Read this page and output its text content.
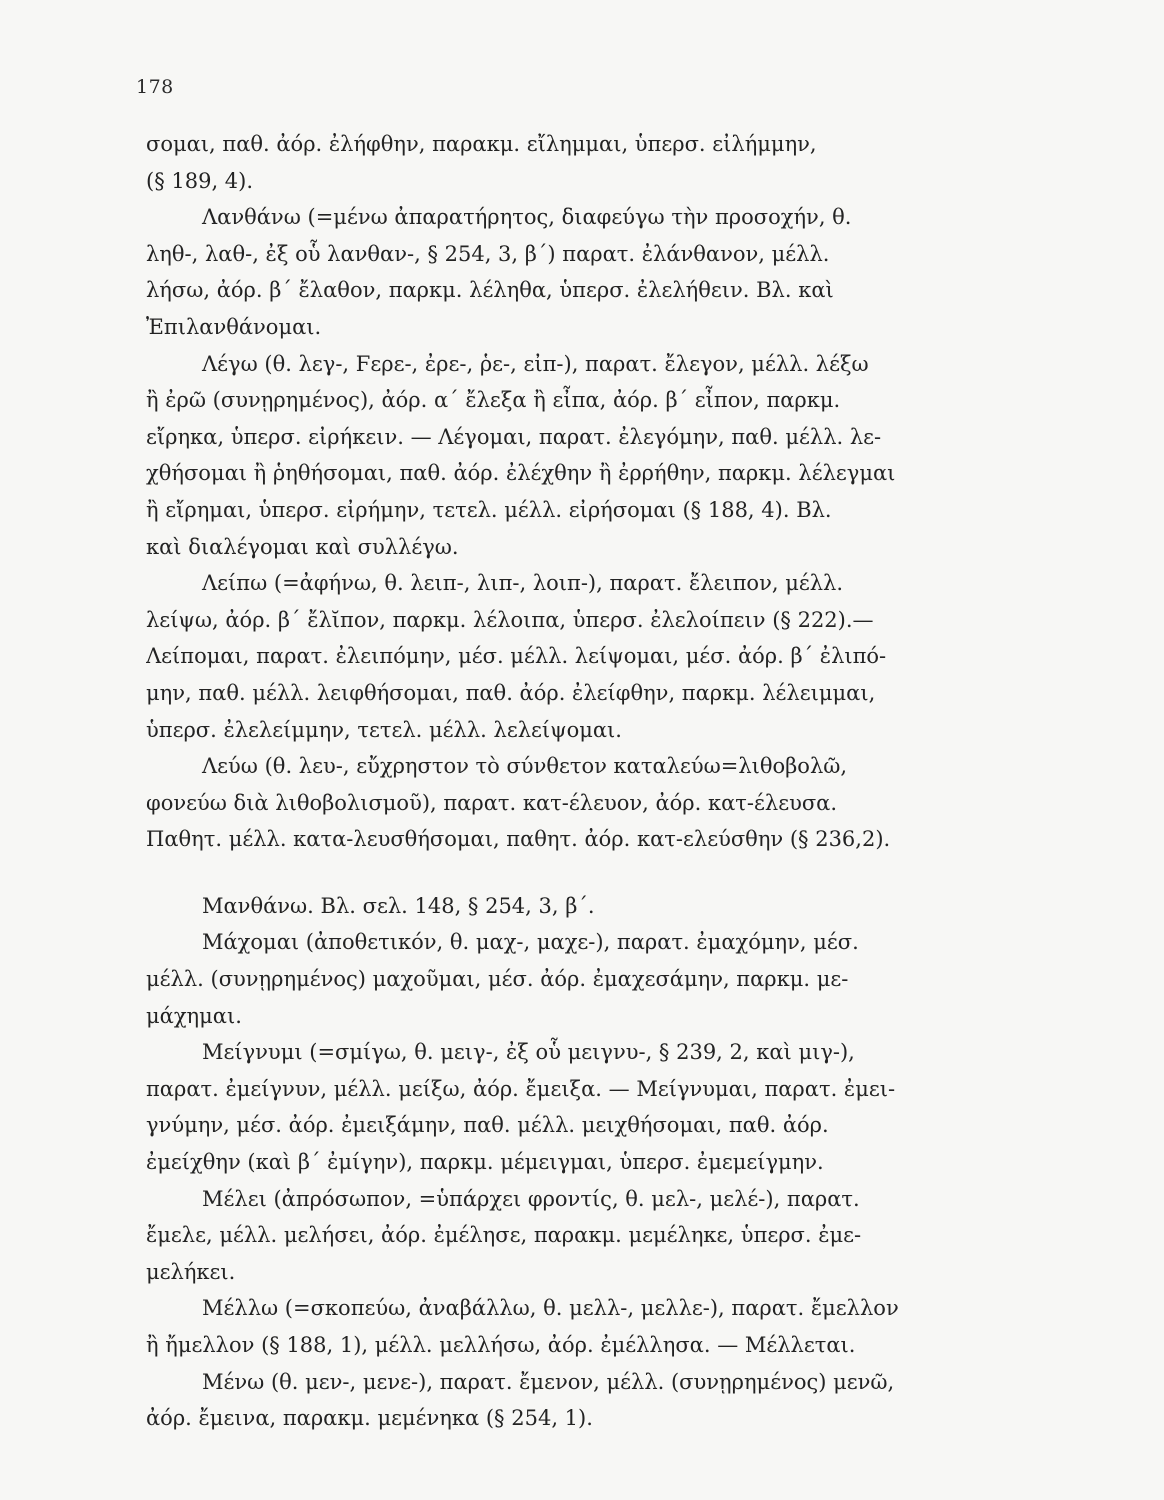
178
σομαι, παθ. ἀόρ. ἐλήφθην, παρακμ. εἴλημμαι, ὑπερσ. εἰλήμμην,
(§ 189, 4).
Λανθάνω (=μένω ἀπαρατήρητος, διαφεύγω τὴν προσοχήν, θ.
ληθ-, λαθ-, ἐξ οὗ λανθαν-, § 254, 3, β΄) παρατ. ἐλάνθανον, μέλλ.
λήσω, ἀόρ. β΄ ἔλαθον, παρκμ. λέληθα, ὑπερσ. ἐλελήθειν. Βλ. καὶ
Ἐπιλανθάνομαι.
Λέγω (θ. λεγ-, Ϝερε-, ἐρε-, ῥε-, εἰπ-), παρατ. ἔλεγον, μέλλ. λέξω
ἢ ἐρῶ (συνῃρημένος), ἀόρ. α΄ ἔλεξα ἢ εἶπα, ἀόρ. β΄ εἶπον, παρκμ.
εἴρηκα, ὑπερσ. εἰρήκειν. — Λέγομαι, παρατ. ἐλεγόμην, παθ. μέλλ. λε-
χθήσομαι ἢ ῥηθήσομαι, παθ. ἀόρ. ἐλέχθην ἢ ἐρρήθην, παρκμ. λέλεγμαι
ἢ εἴρημαι, ὑπερσ. εἰρήμην, τετελ. μέλλ. εἰρήσομαι (§ 188, 4). Βλ.
καὶ διαλέγομαι καὶ συλλέγω.
Λείπω (=ἀφήνω, θ. λειπ-, λιπ-, λοιπ-), παρατ. ἔλειπον, μέλλ.
λείψω, ἀόρ. β΄ ἔλῐπον, παρκμ. λέλοιπα, ὑπερσ. ἐλελοίπειν (§ 222).—
Λείπομαι, παρατ. ἐλειπόμην, μέσ. μέλλ. λείψομαι, μέσ. ἀόρ. β΄ ἐλιπό-
μην, παθ. μέλλ. λειφθήσομαι, παθ. ἀόρ. ἐλείφθην, παρκμ. λέλειμμαι,
ὑπερσ. ἐλελείμμην, τετελ. μέλλ. λελείψομαι.
Λεύω (θ. λευ-, εὔχρηστον τὸ σύνθετον καταλεύω=λιθοβολῶ,
φονεύω διὰ λιθοβολισμοῦ), παρατ. κατ-έλευον, ἀόρ. κατ-έλευσα.
Παθητ. μέλλ. κατα-λευσθήσομαι, παθητ. ἀόρ. κατ-ελεύσθην (§ 236,2).
Μανθάνω. Βλ. σελ. 148, § 254, 3, β΄.
Μάχομαι (ἀποθετικόν, θ. μαχ-, μαχε-), παρατ. ἐμαχόμην, μέσ.
μέλλ. (συνῃρημένος) μαχοῦμαι, μέσ. ἀόρ. ἐμαχεσάμην, παρκμ. με-
μάχημαι.
Μείγνυμι (=σμίγω, θ. μειγ-, ἐξ οὗ μειγνυ-, § 239, 2, καὶ μιγ-),
παρατ. ἐμείγνυν, μέλλ. μείξω, ἀόρ. ἔμειξα. — Μείγνυμαι, παρατ. ἐμει-
γνύμην, μέσ. ἀόρ. ἐμειξάμην, παθ. μέλλ. μειχθήσομαι, παθ. ἀόρ.
ἐμείχθην (καὶ β΄ ἐμίγην), παρκμ. μέμειγμαι, ὑπερσ. ἐμεμείγμην.
Μέλει (ἀπρόσωπον, =ὑπάρχει φροντίς, θ. μελ-, μελέ-), παρατ.
ἔμελε, μέλλ. μελήσει, ἀόρ. ἐμέλησε, παρακμ. μεμέληκε, ὑπερσ. ἐμε-
μελήκει.
Μέλλω (=σκοπεύω, ἀναβάλλω, θ. μελλ-, μελλε-), παρατ. ἔμελλον
ἢ ἤμελλον (§ 188, 1), μέλλ. μελλήσω, ἀόρ. ἐμέλλησα. — Μέλλεται.
Μένω (θ. μεν-, μενε-), παρατ. ἔμενον, μέλλ. (συνῃρημένος) μενῶ,
ἀόρ. ἔμεινα, παρακμ. μεμένηκα (§ 254, 1).
